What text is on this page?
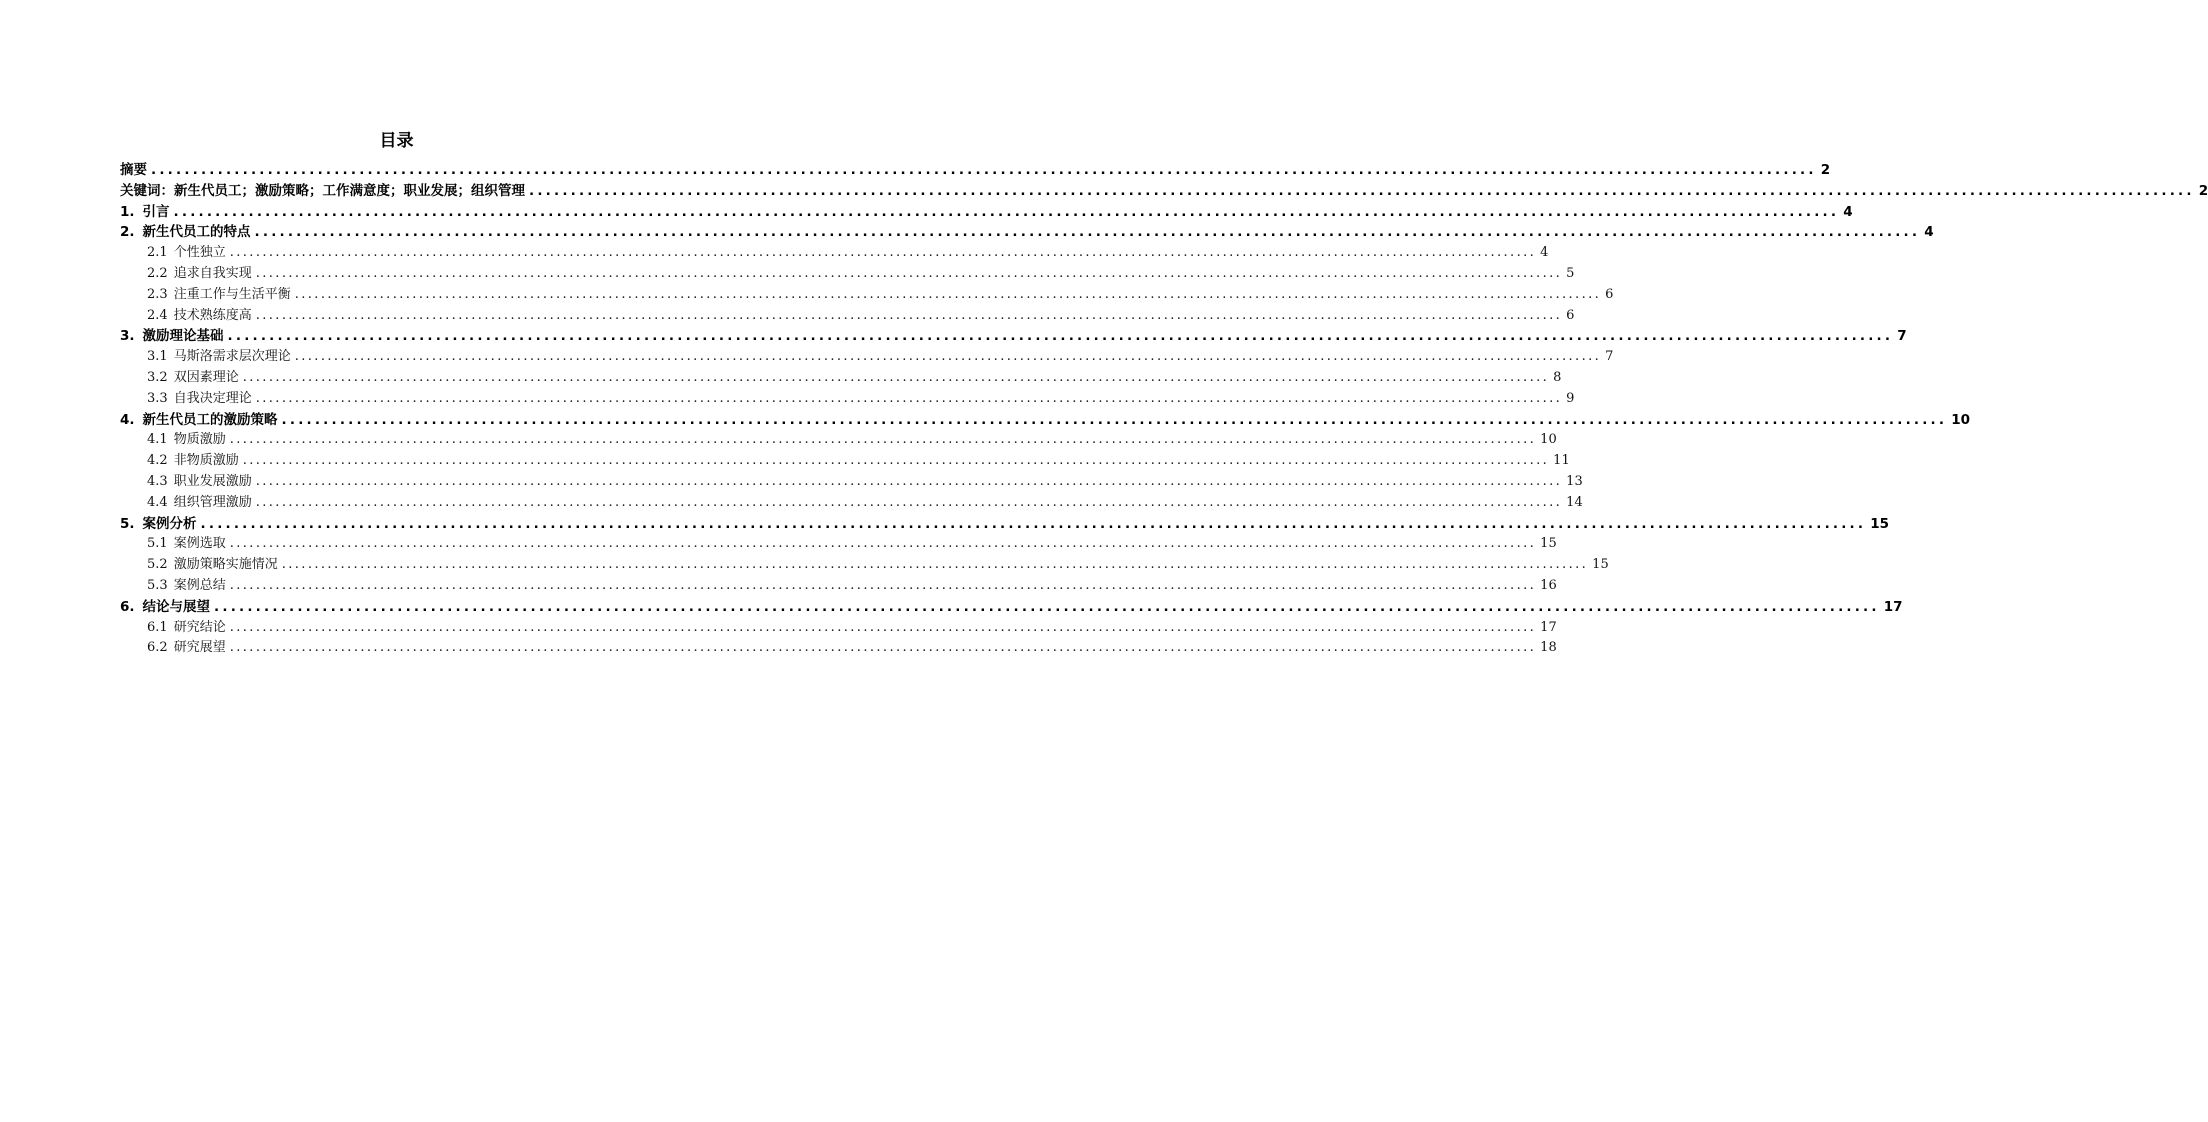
目录
摘要 ........................................................................................................................................................................................................ 2
关键词：新生代员工；激励策略；工作满意度；职业发展；组织管理 ........................................................................................................................................................................................................ 2
1. 引言 ........................................................................................................................................................................................................ 4
2. 新生代员工的特点 ........................................................................................................................................................................................................ 4
2.1 个性独立 ........................................................................................................................................................................................................ 4
2.2 追求自我实现 ........................................................................................................................................................................................................ 5
2.3 注重工作与生活平衡 ........................................................................................................................................................................................................ 6
2.4 技术熟练度高 ........................................................................................................................................................................................................ 6
3. 激励理论基础 ........................................................................................................................................................................................................ 7
3.1 马斯洛需求层次理论 ........................................................................................................................................................................................................ 7
3.2 双因素理论 ........................................................................................................................................................................................................ 8
3.3 自我决定理论 ........................................................................................................................................................................................................ 9
4. 新生代员工的激励策略 ........................................................................................................................................................................................................ 10
4.1 物质激励 ........................................................................................................................................................................................................ 10
4.2 非物质激励 ........................................................................................................................................................................................................ 11
4.3 职业发展激励 ........................................................................................................................................................................................................ 13
4.4 组织管理激励 ........................................................................................................................................................................................................ 14
5. 案例分析 ........................................................................................................................................................................................................ 15
5.1 案例选取 ........................................................................................................................................................................................................ 15
5.2 激励策略实施情况 ........................................................................................................................................................................................................ 15
5.3 案例总结 ........................................................................................................................................................................................................ 16
6. 结论与展望 ........................................................................................................................................................................................................ 17
6.1 研究结论 ........................................................................................................................................................................................................ 17
6.2 研究展望 ........................................................................................................................................................................................................ 18
